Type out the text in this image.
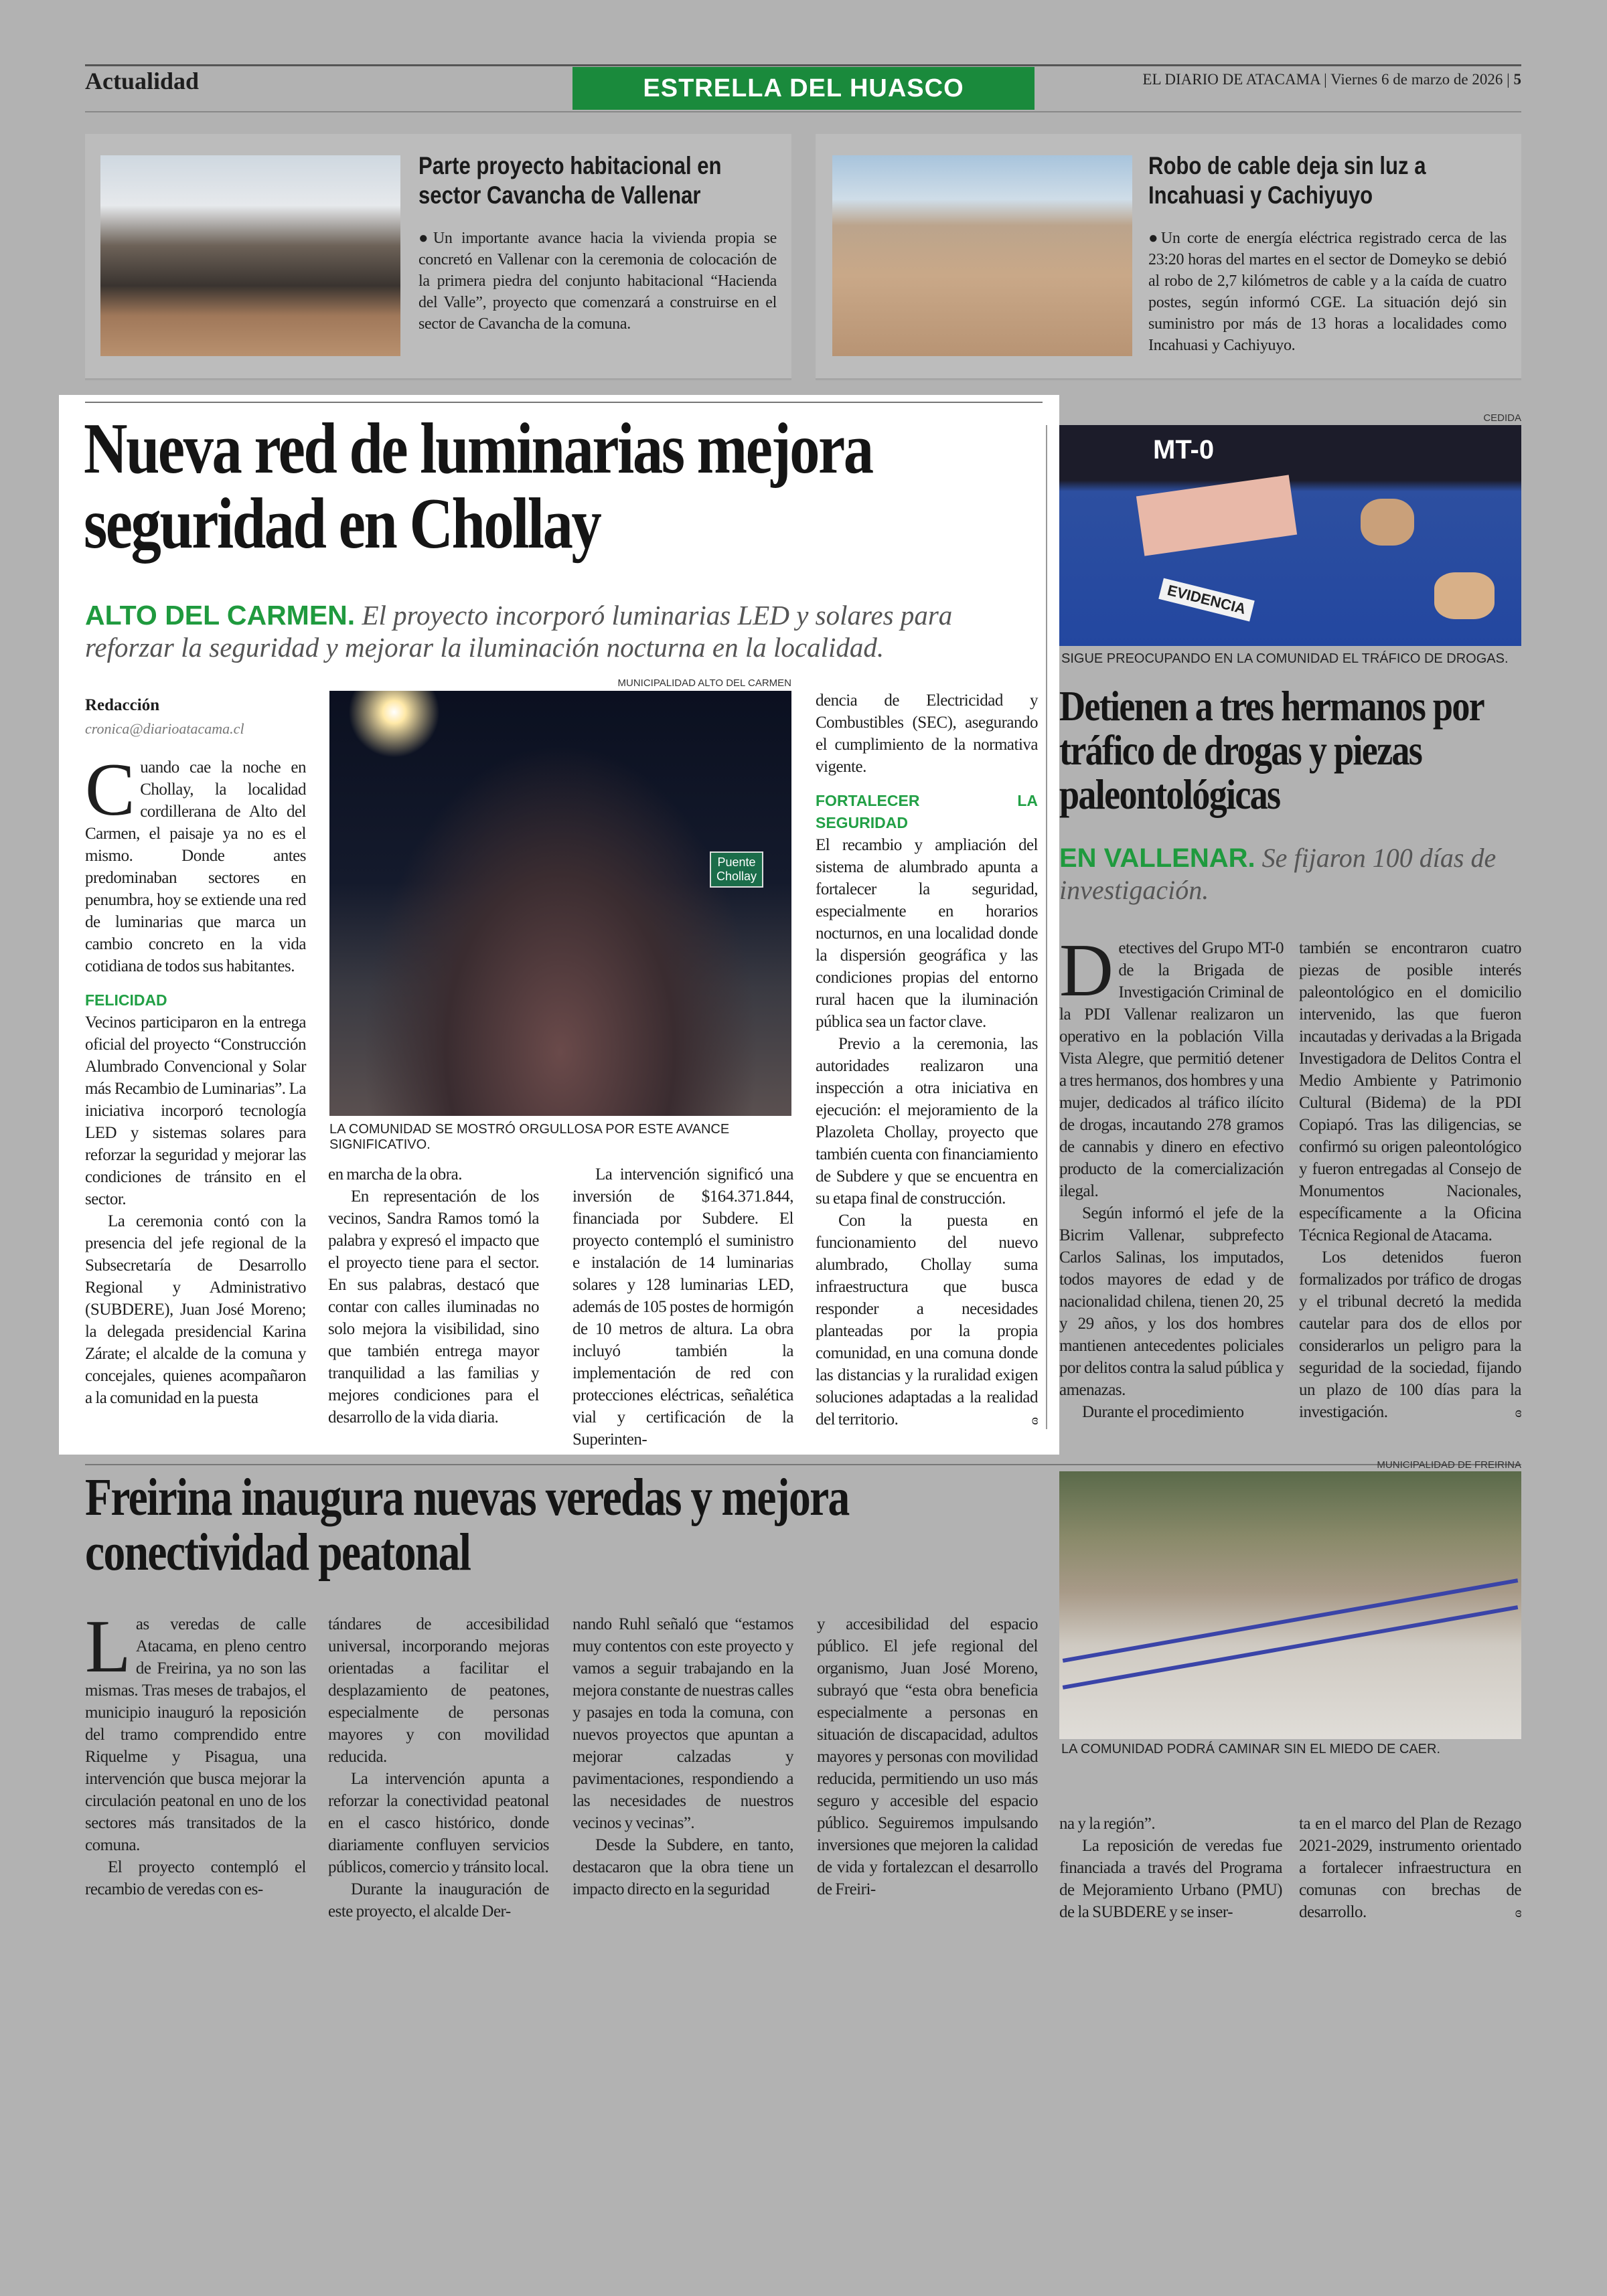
Actualidad	ESTRELLA DEL HUASCO	EL DIARIO DE ATACAMA | Viernes 6 de marzo de 2026 | 5
Parte proyecto habitacional en sector Cavancha de Vallenar
●Un importante avance hacia la vivienda propia se concretó en Vallenar con la ceremonia de colocación de la primera piedra del conjunto habitacional “Hacienda del Valle”, proyecto que comenzará a construirse en el sector de Cavancha de la comuna.
Robo de cable deja sin luz a Incahuasi y Cachiyuyo
●Un corte de energía eléctrica registrado cerca de las 23:20 horas del martes en el sector de Domeyko se debió al robo de 2,7 kilómetros de cable y a la caída de cuatro postes, según informó CGE. La situación dejó sin suministro por más de 13 horas a localidades como Incahuasi y Cachiyuyo.
Nueva red de luminarias mejora seguridad en Chollay
ALTO DEL CARMEN. El proyecto incorporó luminarias LED y solares para reforzar la seguridad y mejorar la iluminación nocturna en la localidad.
Redacción
cronica@diarioatacama.cl
MUNICIPALIDAD ALTO DEL CARMEN
Puente Chollay
LA COMUNIDAD SE MOSTRÓ ORGULLOSA POR ESTE AVANCE SIGNIFICATIVO.

Cuando cae la noche en Chollay, la localidad cordillerana de Alto del Carmen, el paisaje ya no es el mismo. Donde antes predominaban sectores en penumbra, hoy se extiende una red de luminarias que marca un cambio concreto en la vida cotidiana de todos sus habitantes.

FELICIDAD

Vecinos participaron en la entrega oficial del proyecto “Construcción Alumbrado Convencional y Solar más Recambio de Luminarias”. La iniciativa incorporó tecnología LED y sistemas solares para reforzar la seguridad y mejorar las condiciones de tránsito en el sector.

La ceremonia contó con la presencia del jefe regional de la Subsecretaría de Desarrollo Regional y Administrativo (SUBDERE), Juan José Moreno; la delegada presidencial Karina Zárate; el alcalde de la comuna y concejales, quienes acompañaron a la comunidad en la puesta

en marcha de la obra.

En representación de los vecinos, Sandra Ramos tomó la palabra y expresó el impacto que el proyecto tiene para el sector. En sus palabras, destacó que contar con calles iluminadas no solo mejora la visibilidad, sino que también entrega mayor tranquilidad a las familias y mejores condiciones para el desarrollo de la vida diaria.

La intervención significó una inversión de $164.371.844, financiada por Subdere. El proyecto contempló el suministro e instalación de 14 luminarias solares y 128 luminarias LED, además de 105 postes de hormigón de 10 metros de altura. La obra incluyó también la implementación de red con protecciones eléctricas, señalética vial y certificación de la Superinten-

dencia de Electricidad y Combustibles (SEC), asegurando el cumplimiento de la normativa vigente.

FORTALECER LA SEGURIDAD

El recambio y ampliación del sistema de alumbrado apunta a fortalecer la seguridad, especialmente en horarios nocturnos, en una localidad donde la dispersión geográfica y las condiciones propias del entorno rural hacen que la iluminación pública sea un factor clave.

Previo a la ceremonia, las autoridades realizaron una inspección a otra iniciativa en ejecución: el mejoramiento de la Plazoleta Chollay, proyecto que también cuenta con financiamiento de Subdere y que se encuentra en su etapa final de construcción.

Con la puesta en funcionamiento del nuevo alumbrado, Chollay suma infraestructura que busca responder a necesidades planteadas por la propia comunidad, en una comuna donde las distancias y la ruralidad exigen soluciones adaptadas a la realidad del territorio.	ɞ

CEDIDA
MT-0
EVIDENCIA
SIGUE PREOCUPANDO EN LA COMUNIDAD EL TRÁFICO DE DROGAS.
Detienen a tres hermanos por tráfico de drogas y piezas paleontológicas
EN VALLENAR. Se fijaron 100 días de investigación.

Detectives del Grupo MT-0 de la Brigada de Investigación Criminal de la PDI Vallenar realizaron un operativo en la población Villa Vista Alegre, que permitió detener a tres hermanos, dos hombres y una mujer, dedicados al tráfico ilícito de drogas, incautando 278 gramos de cannabis y dinero en efectivo producto de la comercialización ilegal.

Según informó el jefe de la Bicrim Vallenar, subprefecto Carlos Salinas, los imputados, todos mayores de edad y de nacionalidad chilena, tienen 20, 25 y 29 años, y los dos hombres mantienen antecedentes policiales por delitos contra la salud pública y amenazas.

Durante el procedimiento

también se encontraron cuatro piezas de posible interés paleontológico en el domicilio intervenido, las que fueron incautadas y derivadas a la Brigada Investigadora de Delitos Contra el Medio Ambiente y Patrimonio Cultural (Bidema) de la PDI Copiapó. Tras las diligencias, se confirmó su origen paleontológico y fueron entregadas al Consejo de Monumentos Nacionales, específicamente a la Oficina Técnica Regional de Atacama.

Los detenidos fueron formalizados por tráfico de drogas y el tribunal decretó la medida cautelar para dos de ellos por considerarlos un peligro para la seguridad de la sociedad, fijando un plazo de 100 días para la investigación.	ɞ

Freirina inaugura nuevas veredas y mejora conectividad peatonal
MUNICIPALIDAD DE FREIRINA
LA COMUNIDAD PODRÁ CAMINAR SIN EL MIEDO DE CAER.

Las veredas de calle Atacama, en pleno centro de Freirina, ya no son las mismas. Tras meses de trabajos, el municipio inauguró la reposición del tramo comprendido entre Riquelme y Pisagua, una intervención que busca mejorar la circulación peatonal en uno de los sectores más transitados de la comuna.

El proyecto contempló el recambio de veredas con es-

tándares de accesibilidad universal, incorporando mejoras orientadas a facilitar el desplazamiento de peatones, especialmente de personas mayores y con movilidad reducida.

La intervención apunta a reforzar la conectividad peatonal en el casco histórico, donde diariamente confluyen servicios públicos, comercio y tránsito local.

Durante la inauguración de este proyecto, el alcalde Der-

nando Ruhl señaló que “estamos muy contentos con este proyecto y vamos a seguir trabajando en la mejora constante de nuestras calles y pasajes en toda la comuna, con nuevos proyectos que apuntan a mejorar calzadas y pavimentaciones, respondiendo a las necesidades de nuestros vecinos y vecinas”.

Desde la Subdere, en tanto, destacaron que la obra tiene un impacto directo en la seguridad

y accesibilidad del espacio público. El jefe regional del organismo, Juan José Moreno, subrayó que “esta obra beneficia especialmente a personas en situación de discapacidad, adultos mayores y personas con movilidad reducida, permitiendo un uso más seguro y accesible del espacio público. Seguiremos impulsando inversiones que mejoren la calidad de vida y fortalezcan el desarrollo de Freiri-

na y la región”.

La reposición de veredas fue financiada a través del Programa de Mejoramiento Urbano (PMU) de la SUBDERE y se inser-

ta en el marco del Plan de Rezago 2021-2029, instrumento orientado a fortalecer infraestructura en comunas con brechas de desarrollo.	ɞ
